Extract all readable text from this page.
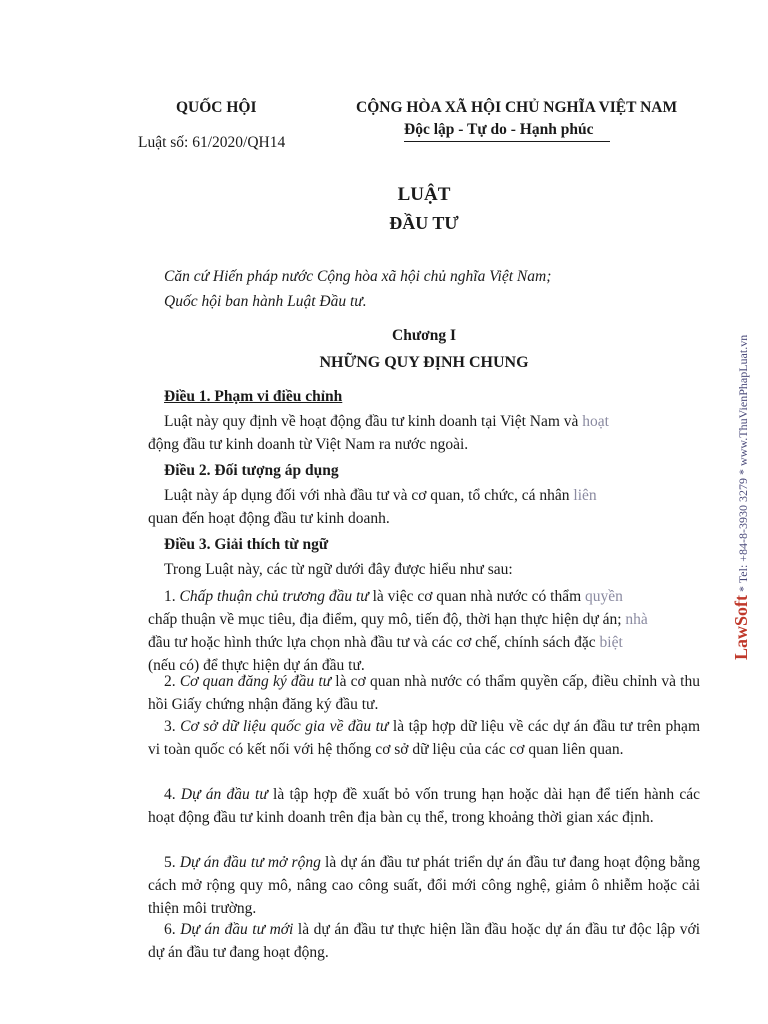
QUỐC HỘI
Luật số: 61/2020/QH14
CỘNG HÒA XÃ HỘI CHỦ NGHĨA VIỆT NAM
Độc lập - Tự do - Hạnh phúc
LUẬT
ĐẦU TƯ
Căn cứ Hiến pháp nước Cộng hòa xã hội chủ nghĩa Việt Nam;
Quốc hội ban hành Luật Đầu tư.
Chương I
NHỮNG QUY ĐỊNH CHUNG
Điều 1. Phạm vi điều chỉnh

Luật này quy định về hoạt động đầu tư kinh doanh tại Việt Nam và hoạt

động đầu tư kinh doanh từ Việt Nam ra nước ngoài.

Điều 2. Đối tượng áp dụng

Luật này áp dụng đối với nhà đầu tư và cơ quan, tổ chức, cá nhân liên

quan đến hoạt động đầu tư kinh doanh.

Điều 3. Giải thích từ ngữ
Trong Luật này, các từ ngữ dưới đây được hiểu như sau:

1. Chấp thuận chủ trương đầu tư là việc cơ quan nhà nước có thẩm quyền

chấp thuận về mục tiêu, địa điểm, quy mô, tiến độ, thời hạn thực hiện dự án; nhà

đầu tư hoặc hình thức lựa chọn nhà đầu tư và các cơ chế, chính sách đặc biệt

(nếu có) để thực hiện dự án đầu tư.

2. Cơ quan đăng ký đầu tư là cơ quan nhà nước có thẩm quyền cấp, điều chỉnh và thu hồi Giấy chứng nhận đăng ký đầu tư.
3. Cơ sở dữ liệu quốc gia về đầu tư là tập hợp dữ liệu về các dự án đầu tư trên phạm vi toàn quốc có kết nối với hệ thống cơ sở dữ liệu của các cơ quan liên quan.
4. Dự án đầu tư là tập hợp đề xuất bỏ vốn trung hạn hoặc dài hạn để tiến hành các hoạt động đầu tư kinh doanh trên địa bàn cụ thể, trong khoảng thời gian xác định.
5. Dự án đầu tư mở rộng là dự án đầu tư phát triển dự án đầu tư đang hoạt động bằng cách mở rộng quy mô, nâng cao công suất, đổi mới công nghệ, giảm ô nhiễm hoặc cải thiện môi trường.
6. Dự án đầu tư mới là dự án đầu tư thực hiện lần đầu hoặc dự án đầu tư độc lập với dự án đầu tư đang hoạt động.
LawSoft * Tel: +84-8-3930 3279 * www.ThuVienPhapLuat.vn
